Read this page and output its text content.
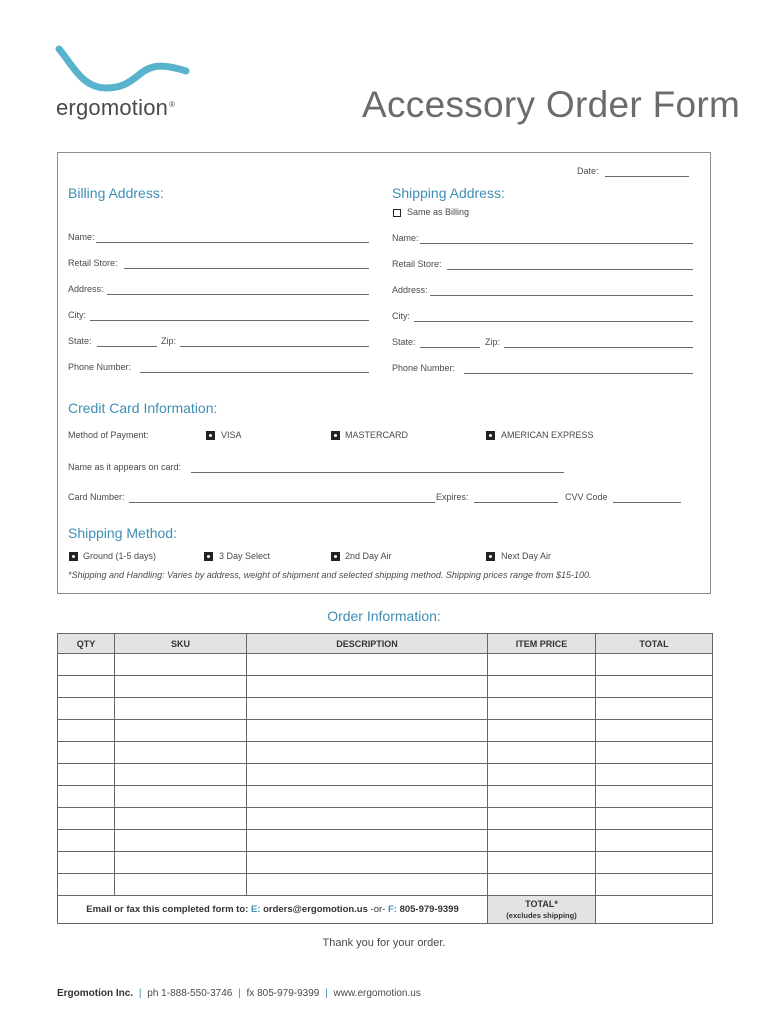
ergomotion®	Accessory Order Form
Date:
Billing Address:
Name:
Retail Store:
Address:
City:
State:	Zip:
Phone Number:
Shipping Address:
Same as Billing
Name:
Retail Store:
Address:
City:
State:	Zip:
Phone Number:
Credit Card Information:
Method of Payment:	VISA	MASTERCARD	AMERICAN EXPRESS
Name as it appears on card:
Card Number:	Expires:	CVV Code
Shipping Method:
Ground (1-5 days)	3 Day Select	2nd Day Air	Next Day Air
*Shipping and Handling: Varies by address, weight of shipment and selected shipping method. Shipping prices range from $15-100.
Order Information:
QTY	SKU	DESCRIPTION	ITEM PRICE	TOTAL

Email or fax this completed form to: E: orders@ergomotion.us -or- F: 805-979-9399			TOTAL*
(excludes shipping)	

Thank you for your order.
Ergomotion Inc. | ph 1-888-550-3746 | fx 805-979-9399 | www.ergomotion.us
